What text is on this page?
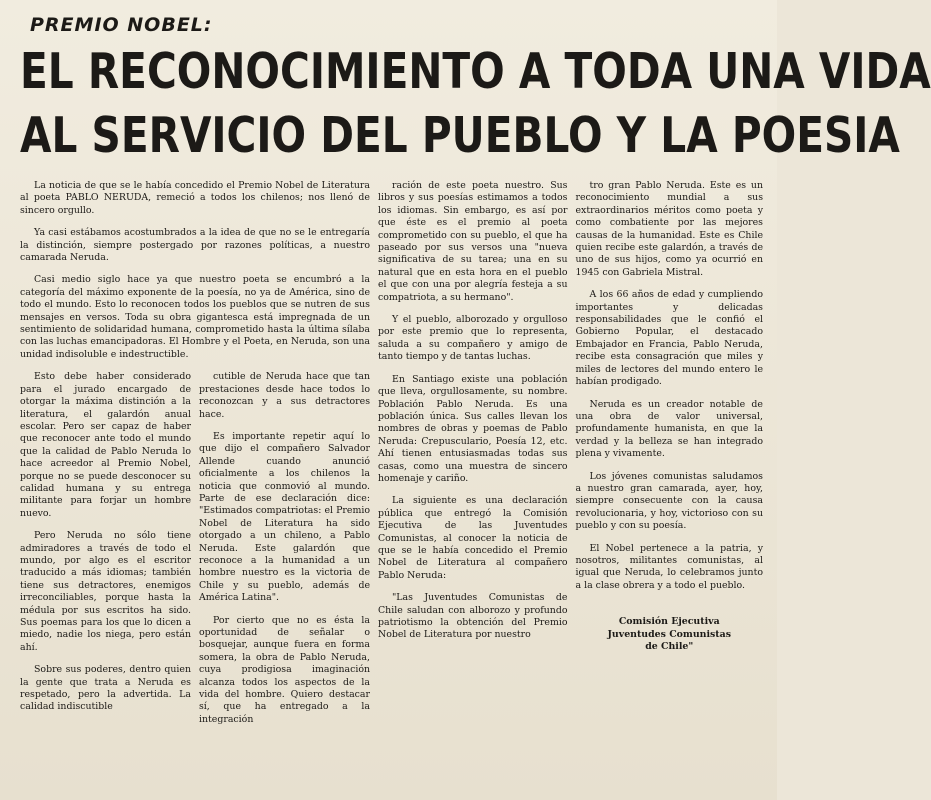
PREMIO NOBEL:
EL RECONOCIMIENTO A TODA UNA VIDA
AL SERVICIO DEL PUEBLO Y LA POESIA

La noticia de que se le había concedido el Premio Nobel de Literatura al poeta PABLO NERUDA, remeció a todos los chilenos; nos llenó de sincero orgullo.

Ya casi estábamos acostumbrados a la idea de que no se le entregaría la distinción, siempre postergado por razones políticas, a nuestro camarada Neruda.

Casi medio siglo hace ya que nuestro poeta se encumbró a la categoría del máximo exponente de la poesía, no ya de América, sino de todo el mundo. Esto lo reconocen todos los pueblos que se nutren de sus mensajes en versos. Toda su obra gigantesca está impregnada de un sentimiento de solidaridad humana, comprometido hasta la última sílaba con las luchas emancipadoras. El Hombre y el Poeta, en Neruda, son una unidad indisoluble e indestructible.

Esto debe haber considerado para el jurado encargado de otorgar la máxima distinción a la literatura, el galardón anual escolar. Pero ser capaz de haber que reconocer ante todo el mundo que la calidad de Pablo Neruda lo hace acreedor al Premio Nobel, porque no se puede desconocer su calidad humana y su entrega militante para forjar un hombre nuevo.

Pero Neruda no sólo tiene admiradores a través de todo el mundo, por algo es el escritor traducido a más idiomas; también tiene sus detractores, enemigos irreconciliables, porque hasta la médula por sus escritos ha sido. Sus poemas para los que lo dicen a miedo, nadie los niega, pero están ahí.

Sobre sus poderes, dentro quien la gente que trata a Neruda es respetado, pero la advertida. La calidad indiscutible

cutible de Neruda hace que tan prestaciones desde hace todos lo reconozcan y a sus detractores hace.

Es importante repetir aquí lo que dijo el compañero Salvador Allende cuando anunció oficialmente a los chilenos la noticia que conmovió al mundo. Parte de ese declaración dice: "Estimados compatriotas: el Premio Nobel de Literatura ha sido otorgado a un chileno, a Pablo Neruda. Este galardón que reconoce a la humanidad a un hombre nuestro es la victoria de Chile y su pueblo, además de América Latina".

Por cierto que no es ésta la oportunidad de señalar o bosquejar, aunque fuera en forma somera, la obra de Pablo Neruda, cuya prodigiosa imaginación alcanza todos los aspectos de la vida del hombre. Quiero destacar sí, que ha entregado a la integración

ración de este poeta nuestro. Sus libros y sus poesías estimamos a todos los idiomas. Sin embargo, es así por que éste es el premio al poeta comprometido con su pueblo, el que ha paseado por sus versos una "nueva significativa de su tarea; una en su natural que en esta hora en el pueblo el que con una por alegría festeja a su compatriota, a su hermano".

Y el pueblo, alborozado y orgulloso por este premio que lo representa, saluda a su compañero y amigo de tanto tiempo y de tantas luchas.

En Santiago existe una población que lleva, orgullosamente, su nombre. Población Pablo Neruda. Es una población única. Sus calles llevan los nombres de obras y poemas de Pablo Neruda: Crepusculario, Poesía 12, etc. Ahí tienen entusiasmadas todas sus casas, como una muestra de sincero homenaje y cariño.

La siguiente es una declaración pública que entregó la Comisión Ejecutiva de las Juventudes Comunistas, al conocer la noticia de que se le había concedido el Premio Nobel de Literatura al compañero Pablo Neruda:

"Las Juventudes Comunistas de Chile saludan con alborozo y profundo patriotismo la obtención del Premio Nobel de Literatura por nuestro

tro gran Pablo Neruda. Este es un reconocimiento mundial a sus extraordinarios méritos como poeta y como combatiente por las mejores causas de la humanidad. Este es Chile quien recibe este galardón, a través de uno de sus hijos, como ya ocurrió en 1945 con Gabriela Mistral.

A los 66 años de edad y cumpliendo importantes y delicadas responsabilidades que le confió el Gobierno Popular, el destacado Embajador en Francia, Pablo Neruda, recibe esta consagración que miles y miles de lectores del mundo entero le habían prodigado.

Neruda es un creador notable de una obra de valor universal, profundamente humanista, en que la verdad y la belleza se han integrado plena y vivamente.

Los jóvenes comunistas saludamos a nuestro gran camarada, ayer, hoy, siempre consecuente con la causa revolucionaria, y hoy, victorioso con su pueblo y con su poesía.

El Nobel pertenece a la patria, y nosotros, militantes comunistas, al igual que Neruda, lo celebramos junto a la clase obrera y a todo el pueblo.

Comisión Ejecutiva
Juventudes Comunistas
de Chile"
